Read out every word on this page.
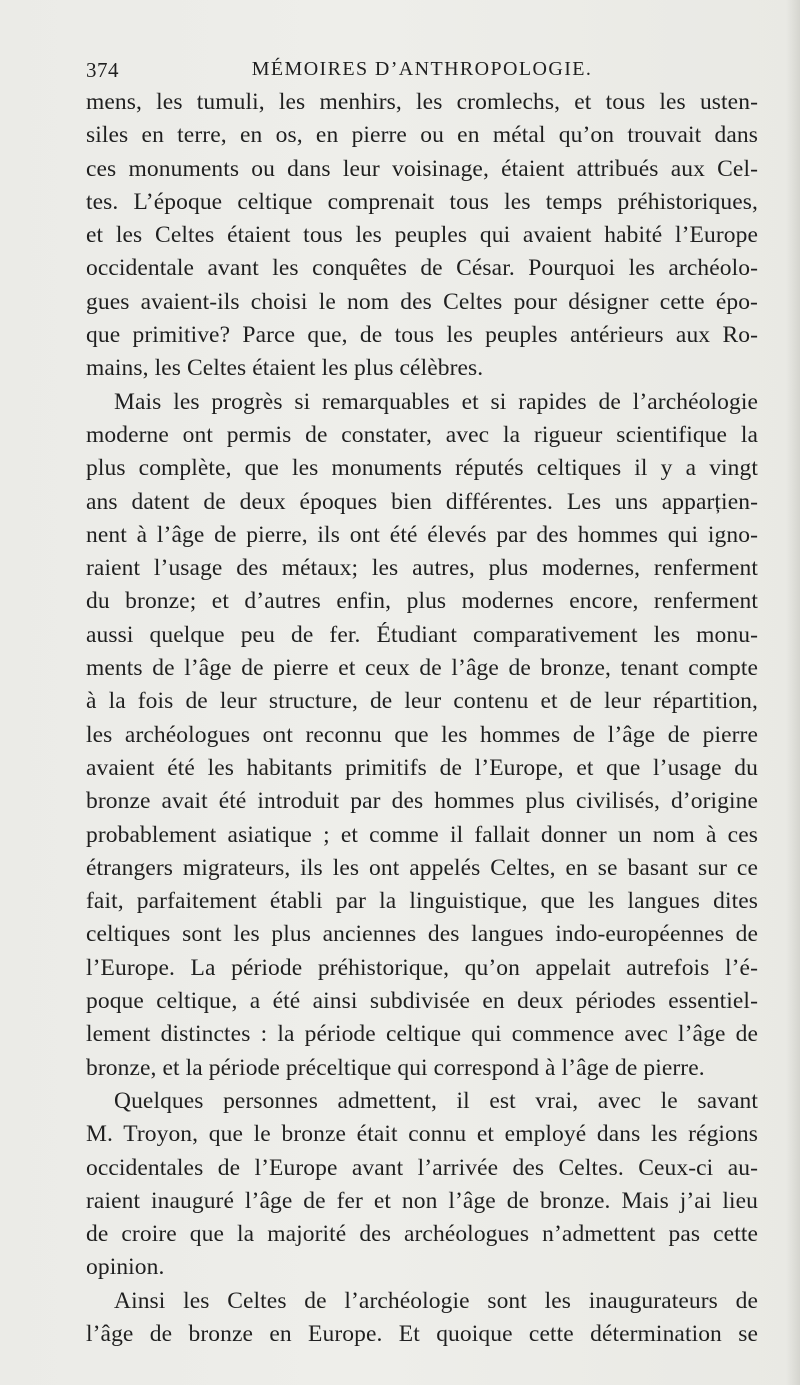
374	MÉMOIRES D’ANTHROPOLOGIE.
mens, les tumuli, les menhirs, les cromlechs, et tous les usten-
siles en terre, en os, en pierre ou en métal qu’on trouvait dans
ces monuments ou dans leur voisinage, étaient attribués aux Cel-
tes. L’époque celtique comprenait tous les temps préhistoriques,
et les Celtes étaient tous les peuples qui avaient habité l’Europe
occidentale avant les conquêtes de César. Pourquoi les archéolo-
gues avaient-ils choisi le nom des Celtes pour désigner cette épo-
que primitive? Parce que, de tous les peuples antérieurs aux Ro-
mains, les Celtes étaient les plus célèbres.
Mais les progrès si remarquables et si rapides de l’archéologie
moderne ont permis de constater, avec la rigueur scientifique la
plus complète, que les monuments réputés celtiques il y a vingt
ans datent de deux époques bien différentes. Les uns apparțien-
nent à l’âge de pierre, ils ont été élevés par des hommes qui igno-
raient l’usage des métaux; les autres, plus modernes, renferment
du bronze; et d’autres enfin, plus modernes encore, renferment
aussi quelque peu de fer. Étudiant comparativement les monu-
ments de l’âge de pierre et ceux de l’âge de bronze, tenant compte
à la fois de leur structure, de leur contenu et de leur répartition,
les archéologues ont reconnu que les hommes de l’âge de pierre
avaient été les habitants primitifs de l’Europe, et que l’usage du
bronze avait été introduit par des hommes plus civilisés, d’origine
probablement asiatique ; et comme il fallait donner un nom à ces
étrangers migrateurs, ils les ont appelés Celtes, en se basant sur ce
fait, parfaitement établi par la linguistique, que les langues dites
celtiques sont les plus anciennes des langues indo-européennes de
l’Europe. La période préhistorique, qu’on appelait autrefois l’é-
poque celtique, a été ainsi subdivisée en deux périodes essentiel-
lement distinctes : la période celtique qui commence avec l’âge de
bronze, et la période précеltique qui correspond à l’âge de pierre.
Quelques personnes admettent, il est vrai, avec le savant
M. Troyon, que le bronze était connu et employé dans les régions
occidentales de l’Europe avant l’arrivée des Celtes. Ceux-ci au-
raient inauguré l’âge de fer et non l’âge de bronze. Mais j’ai lieu
de croire que la majorité des archéologues n’admettent pas cette
opinion.
Ainsi les Celtes de l’archéologie sont les inaugurateurs de
l’âge de bronze en Europe. Et quoique cette détermination se
